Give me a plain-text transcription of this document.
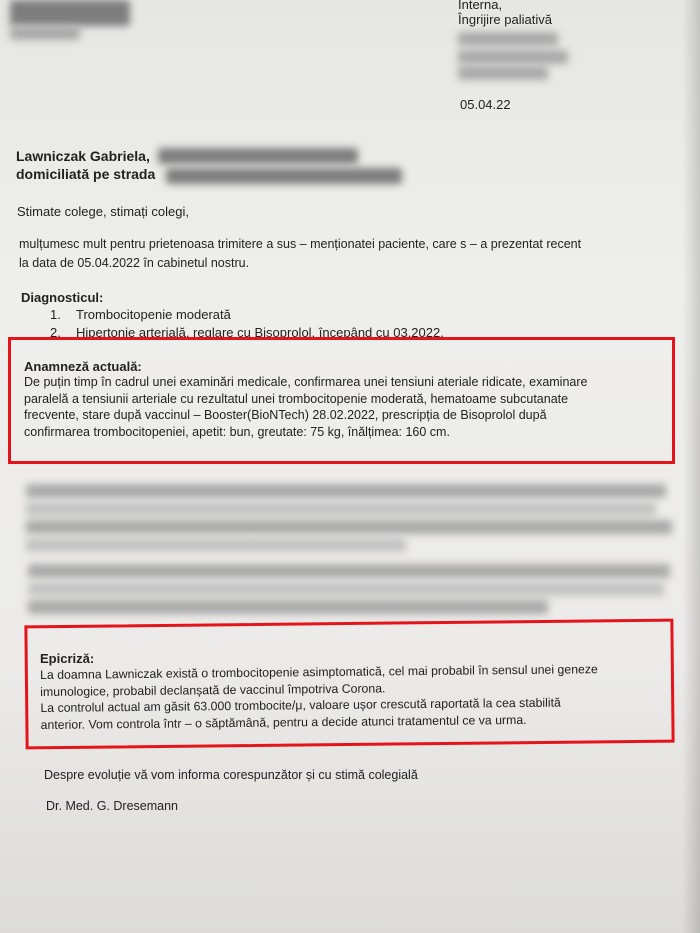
Interna,
Îngrijire paliativă
05.04.22
Lawniczak Gabriela,
domiciliată pe strada
Stimate colege, stimați colegi,
mulțumesc mult pentru prietenoasa trimitere a sus – menționatei paciente, care s – a prezentat recent
la data de 05.04.2022 în cabinetul nostru.
Diagnosticul:
1. Trombocitopenie moderată
2. Hipertonie arterială, reglare cu Bisoprolol, începând cu 03.2022.
Anamneză actuală:
De puțin timp în cadrul unei examinări medicale, confirmarea unei tensiuni ateriale ridicate, examinare
paralelă a tensiunii arteriale cu rezultatul unei trombocitopenie moderată, hematoame subcutanate
frecvente, stare după vaccinul – Booster(BioNTech) 28.02.2022, prescripția de Bisoprolol după
confirmarea trombocitopeniei, apetit: bun, greutate: 75 kg, înălțimea: 160 cm.
Epicriză:
La doamna Lawniczak există o trombocitopenie asimptomatică, cel mai probabil în sensul unei geneze
imunologice, probabil declanșată de vaccinul împotriva Corona.
La controlul actual am găsit 63.000 trombocite/μ, valoare ușor crescută raportată la cea stabilită
anterior. Vom controla într – o săptămână, pentru a decide atunci tratamentul ce va urma.
Despre evoluție vă vom informa corespunzător și cu stimă colegială
Dr. Med. G. Dresemann
